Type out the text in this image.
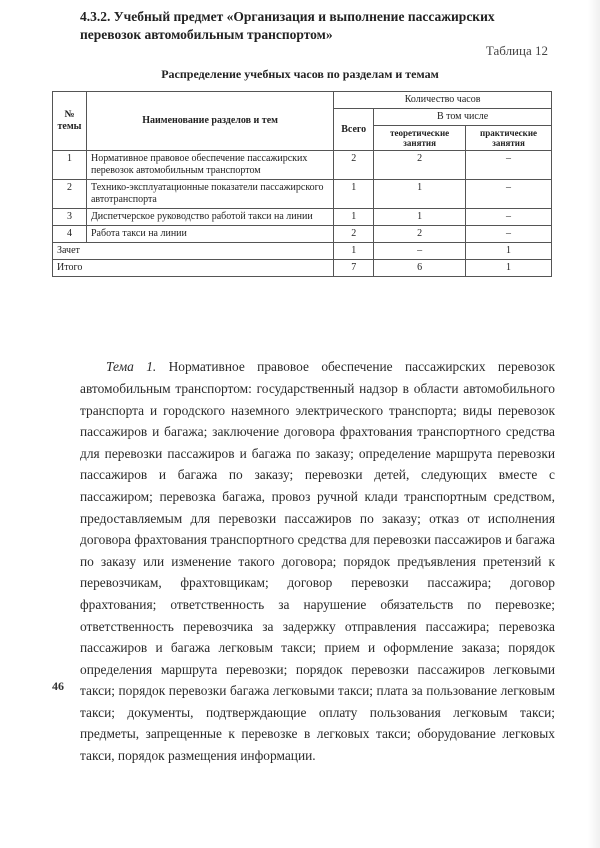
4.3.2. Учебный предмет «Организация и выполнение пассажирских перевозок автомобильным транспортом»
Таблица 12
Распределение учебных часов по разделам и темам
№ темы	Наименование разделов и тем	Количество часов		
		Всего	В том числе	
			теоретические занятия	практические занятия
1	Нормативное правовое обеспечение пассажирских перевозок автомобильным транспортом	2	2	–
2	Технико-эксплуатационные показатели пассажирского автотранспорта	1	1	–
3	Диспетчерское руководство работой такси на линии	1	1	–
4	Работа такси на линии	2	2	–
Зачет		1	–	1
Итого		7	6	1

Тема 1. Нормативное правовое обеспечение пассажирских перевозок автомобильным транспортом: государственный надзор в области автомобильного транспорта и городского наземного электрического транспорта; виды перевозок пассажиров и багажа; заключение договора фрахтования транспортного средства для перевозки пассажиров и багажа по заказу; определение маршрута перевозки пассажиров и багажа по заказу; перевозки детей, следующих вместе с пассажиром; перевозка багажа, провоз ручной клади транспортным средством, предоставляемым для перевозки пассажиров по заказу; отказ от исполнения договора фрахтования транспортного средства для перевозки пассажиров и багажа по заказу или изменение такого договора; порядок предъявления претензий к перевозчикам, фрахтовщикам; договор перевозки пассажира; договор фрахтования; ответственность за нарушение обязательств по перевозке; ответственность перевозчика за задержку отправления пассажира; перевозка пассажиров и багажа легковым такси; прием и оформление заказа; порядок определения маршрута перевозки; порядок перевозки пассажиров легковыми такси; порядок перевозки багажа легковыми такси; плата за пользование легковым такси; документы, подтверждающие оплату пользования легковым такси; предметы, запрещенные к перевозке в легковых такси; оборудование легковых такси, порядок размещения информации.

46
